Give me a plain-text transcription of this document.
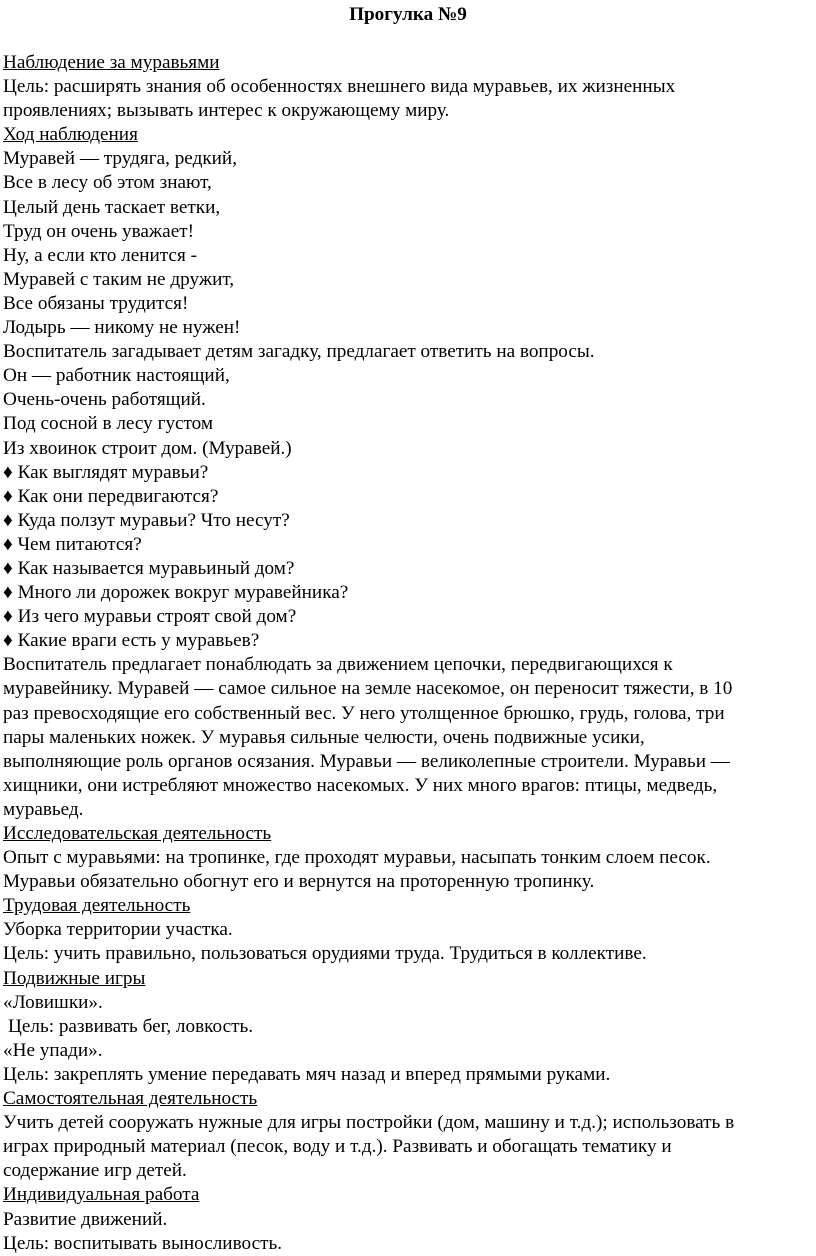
Прогулка №9
Наблюдение за муравьями
Цель: расширять знания об особенностях внешнего вида муравьев, их жизненных
проявлениях; вызывать интерес к окружающему миру.
Ход наблюдения
Муравей — трудяга, редкий,
Все в лесу об этом знают,
Целый день таскает ветки,
Труд он очень уважает!
Ну, а если кто ленится -
Муравей с таким не дружит,
Все обязаны трудится!
Лодырь — никому не нужен!
Воспитатель загадывает детям загадку, предлагает ответить на вопросы.
Он — работник настоящий,
Очень-очень работящий.
Под сосной в лесу густом
Из хвоинок строит дом. (Муравей.)
♦ Как выглядят муравьи?
♦ Как они передвигаются?
♦ Куда ползут муравьи? Что несут?
♦ Чем питаются?
♦ Как называется муравьиный дом?
♦ Много ли дорожек вокруг муравейника?
♦ Из чего муравьи строят свой дом?
♦ Какие враги есть у муравьев?
Воспитатель предлагает понаблюдать за движением цепочки, передвигающихся к
муравейнику. Муравей — самое сильное на земле насекомое, он переносит тяжести, в 10
раз превосходящие его собственный вес. У него утолщенное брюшко, грудь, голова, три
пары маленьких ножек. У муравья сильные челюсти, очень подвижные усики,
выполняющие роль органов осязания. Муравьи — великолепные строители. Муравьи —
хищники, они истребляют множество насекомых. У них много врагов: птицы, медведь,
муравьед.
Исследовательская деятельность
Опыт с муравьями: на тропинке, где проходят муравьи, насыпать тонким слоем песок.
Муравьи обязательно обогнут его и вернутся на проторенную тропинку.
Трудовая деятельность
Уборка территории участка.
Цель: учить правильно, пользоваться орудиями труда. Трудиться в коллективе.
Подвижные игры
«Ловишки».
Цель: развивать бег, ловкость.
«Не упади».
Цель: закреплять умение передавать мяч назад и вперед прямыми руками.
Самостоятельная деятельность
Учить детей сооружать нужные для игры постройки (дом, машину и т.д.); использовать в
играх природный материал (песок, воду и т.д.). Развивать и обогащать тематику и
содержание игр детей.
Индивидуальная работа
Развитие движений.
Цель: воспитывать выносливость.
